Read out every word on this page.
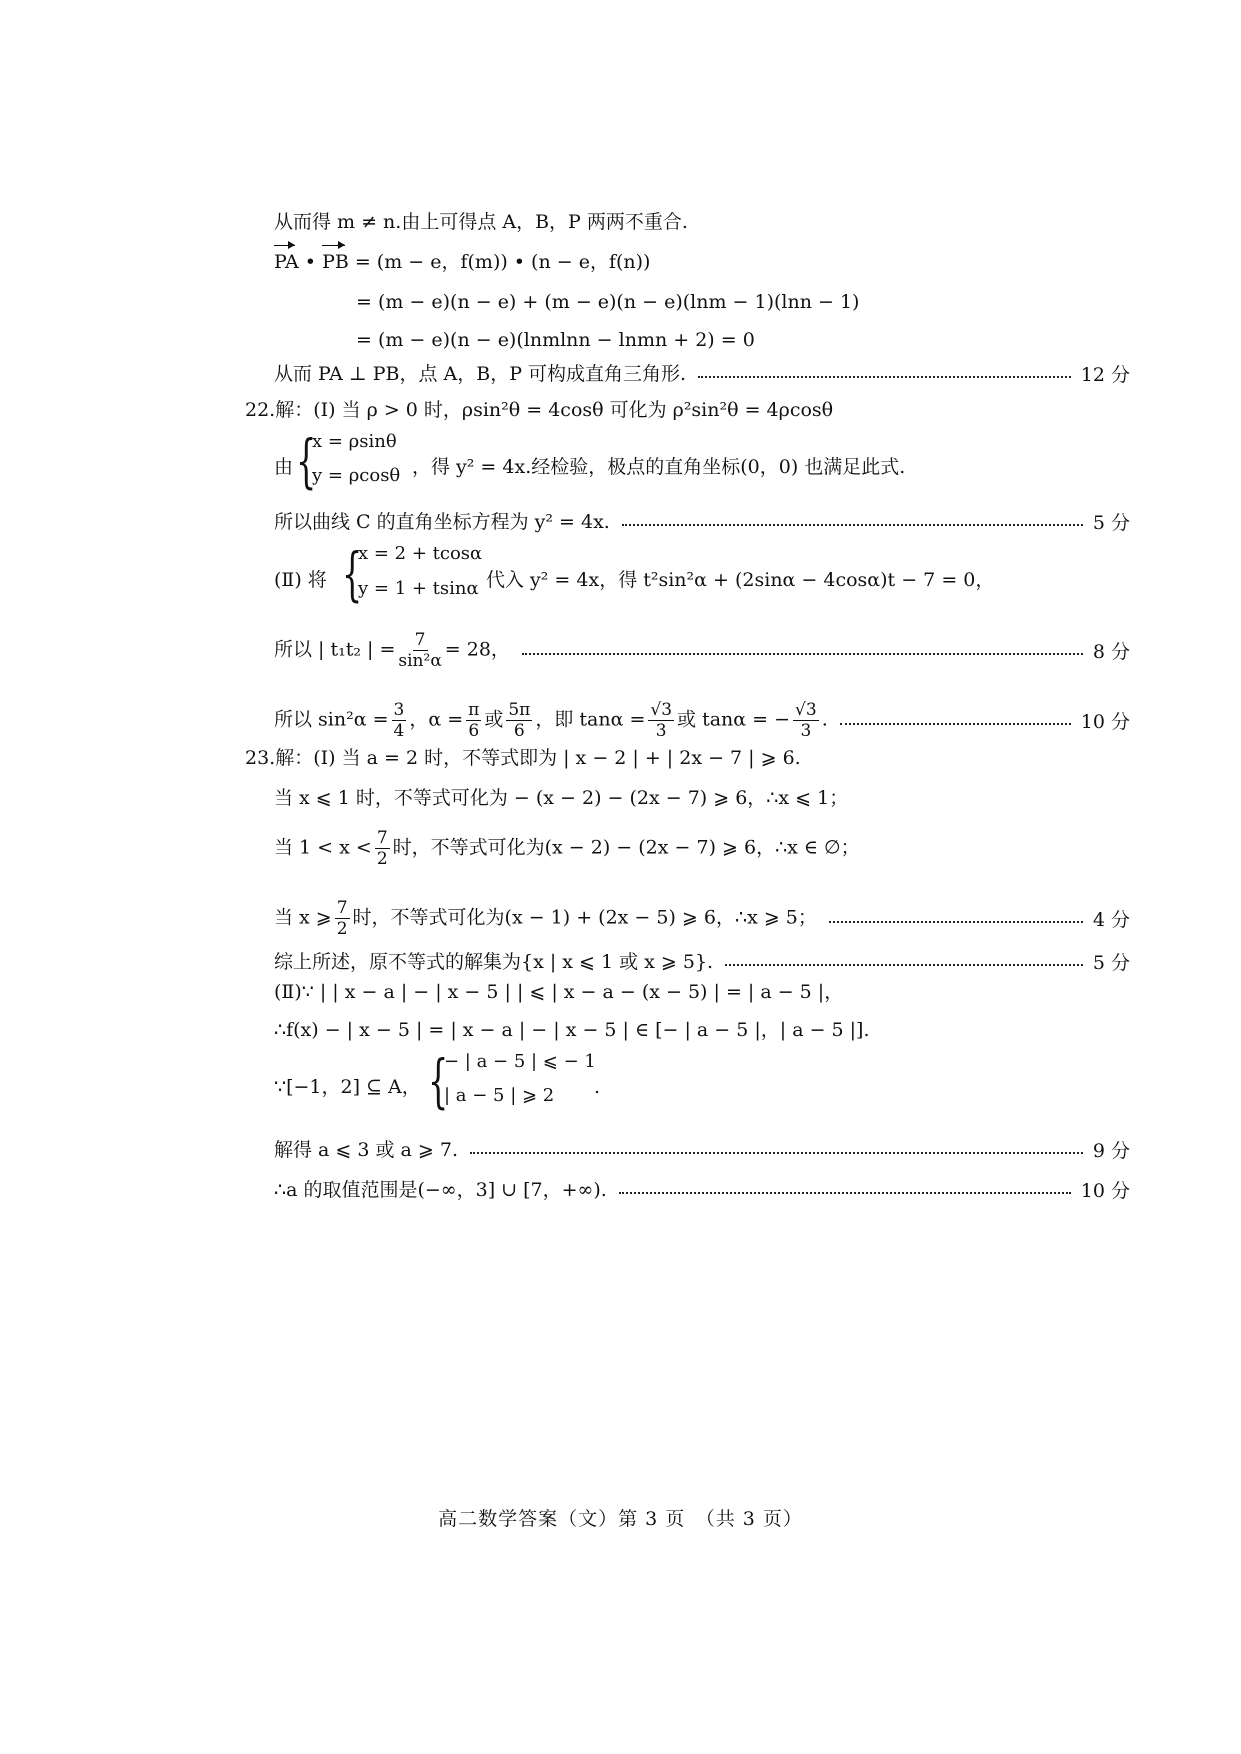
从而得 m ≠ n.由上可得点 A，B，P 两两不重合.
PA • PB = (m − e，f(m)) • (n − e，f(n))
= (m − e)(n − e) + (m − e)(n − e)(lnm − 1)(lnn − 1)
= (m − e)(n − e)(lnmlnn − lnmn + 2) = 0
从而 PA ⊥ PB，点 A，B，P 可构成直角三角形.	12 分
22.解：(Ⅰ) 当 ρ > 0 时，ρsin²θ = 4cosθ 可化为 ρ²sin²θ = 4ρcosθ
由 {
x = ρsinθ
y = ρcosθ ，得 y² = 4x.经检验，极点的直角坐标(0，0) 也满足此式.
所以曲线 C 的直角坐标方程为 y² = 4x.	5 分
(Ⅱ) 将 {
x = 2 + tcosα
y = 1 + tsinα 代入 y² = 4x，得 t²sin²α + (2sinα − 4cosα)t − 7 = 0，
所以 | t₁t₂ | = $\frac{7}{\text{sin²α}} = 28$，	8 分
所以 $\sin^2\alpha = \frac{3}{4}$ ，$\alpha = \frac{\pi}{6}$ 或 $\frac{5\pi}{6}$ ，即 $\tan\alpha = \frac{√3}{3}$ 或 tanα = − $\frac{√3}{3}$ .	10 分
23.解：(Ⅰ) 当 a = 2 时，不等式即为 | x − 2 | + | 2x − 7 | ⩾ 6.
当 x ⩽ 1 时，不等式可化为 − (x − 2) − (2x − 7) ⩾ 6，∴x ⩽ 1；
当 $1 < x < \frac{7}{2}$ 时，不等式可化为(x − 2) − (2x − 7) ⩾ 6，∴x ∈ ∅；
当 x ⩾ $\frac{7}{2}$ 时，不等式可化为(x − 1) + (2x − 5) ⩾ 6，∴x ⩾ 5；	4 分
综上所述，原不等式的解集为{x | x ⩽ 1 或 x ⩾ 5}.	5 分
(Ⅱ)∵ | | x − a | − | x − 5 | | ⩽ | x − a − (x − 5) | = | a − 5 |，
∴f(x) − | x − 5 | = | x − a | − | x − 5 | ∈ [− | a − 5 |，| a − 5 |].
∵[−1，2] ⊆ A， {
− | a − 5 | ⩽ − 1
| a − 5 | ⩾ 2 .
解得 a ⩽ 3 或 a ⩾ 7.	9 分
∴a 的取值范围是(−∞，3] ∪ [7，+∞).	10 分
高二数学答案（文）第 3 页　（共 3 页）
